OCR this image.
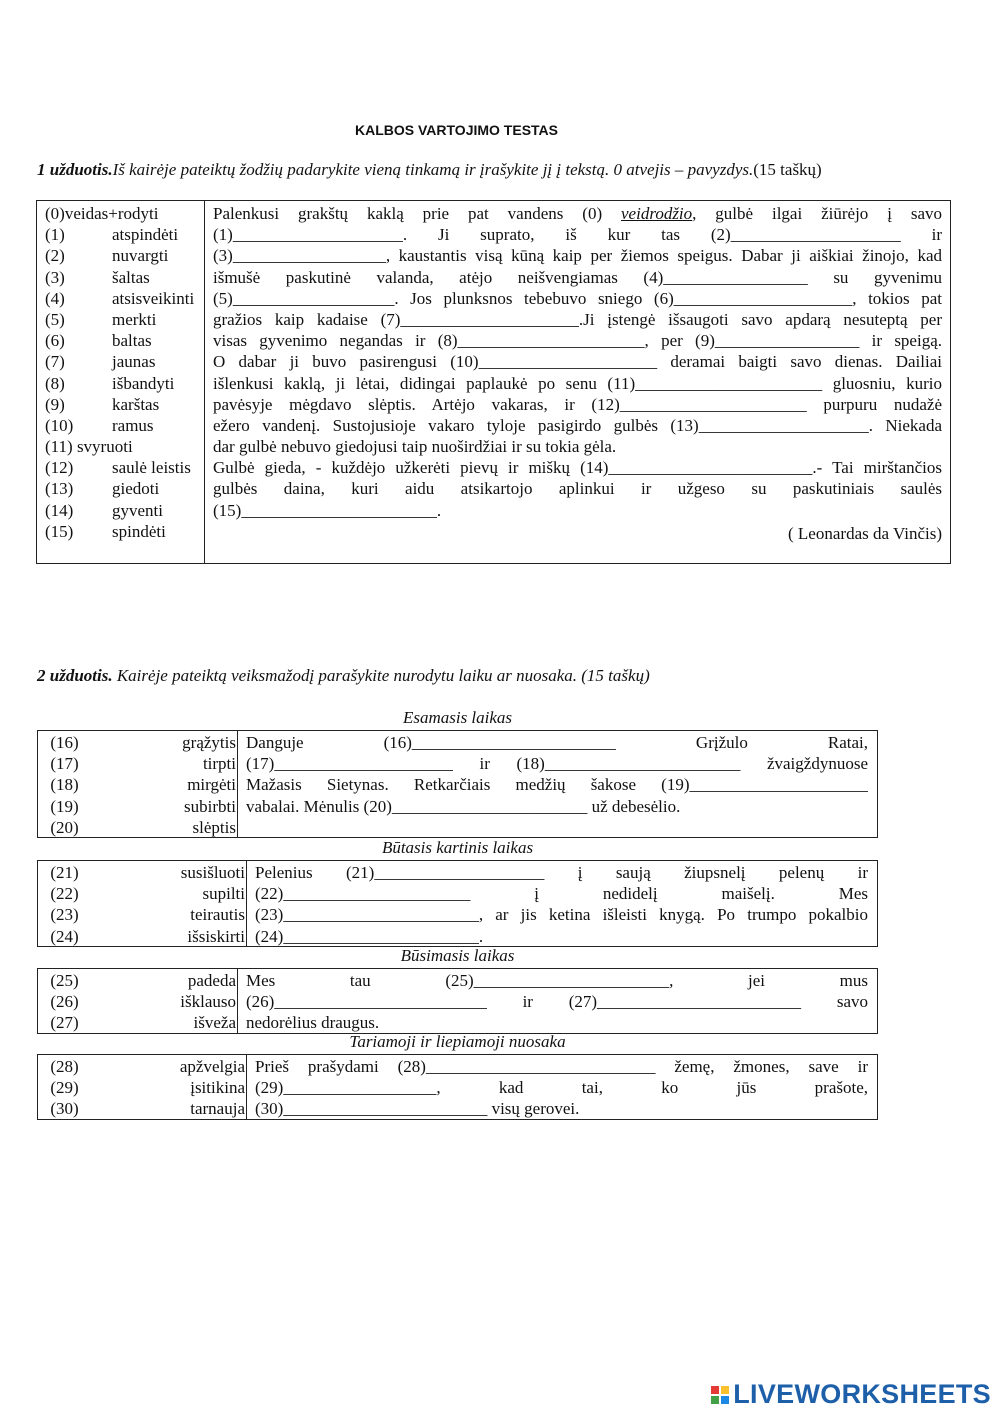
KALBOS VARTOJIMO TESTAS
1 užduotis.Iš kairėje pateiktų žodžių padarykite vieną tinkamą ir įrašykite jį į tekstą. 0 atvejis – pavyzdys.(15 taškų)
(0)veidas+rodyti
(1)	atspindėti
(2)	nuvargti
(3)	šaltas
(4)	atsisveikinti
(5)	merkti
(6)	baltas
(7)	jaunas
(8)	išbandyti
(9)	karštas
(10)	ramus
(11) svyruoti
(12)	saulė leistis
(13)	giedoti
(14)	gyventi
(15)	spindėti
Palenkusi grakštų kaklą prie pat vandens (0) veidrodžio, gulbė ilgai žiūrėjo į savo
(1)____________________. Ji suprato, iš kur tas (2)____________________ ir
(3)__________________, kaustantis visą kūną kaip per žiemos speigus. Dabar ji aiškiai žinojo, kad
išmušė paskutinė valanda, atėjo neišvengiamas (4)_________________ su gyvenimu
(5)___________________. Jos plunksnos tebebuvo sniego (6)_____________________, tokios pat
gražios kaip kadaise (7)_____________________.Ji įstengė išsaugoti savo apdarą nesuteptą per
visas gyvenimo negandas ir (8)______________________, per (9)_________________ ir speigą.
O dabar ji buvo pasirengusi (10)_____________________ deramai baigti savo dienas. Dailiai
išlenkusi kaklą, ji lėtai, didingai paplaukė po senu (11)______________________ gluosniu, kurio
pavėsyje mėgdavo slėptis. Artėjo vakaras, ir (12)______________________ purpuru nudažė
ežero vandenį. Sustojusioje vakaro tyloje pasigirdo gulbės (13)____________________. Niekada
dar gulbė nebuvo giedojusi taip nuoširdžiai ir su tokia gėla.
Gulbė gieda, - kuždėjo užkerėti pievų ir miškų (14)________________________.- Tai mirštančios
gulbės daina, kuri aidu atsikartojo aplinkui ir užgeso su paskutiniais saulės
(15)_______________________.
( Leonardas da Vinčis)
2 užduotis. Kairėje pateiktą veiksmažodį parašykite nurodytu laiku ar nuosaka. (15 taškų)
Esamasis laikas
(16)	grąžytis
(17)	tirpti
(18)	mirgėti
(19)	subirbti
(20)	slėptis
Danguje (16)________________________ Grįžulo Ratai,
(17)_____________________ ir (18)_______________________ žvaigždynuose
Mažasis Sietynas. Retkarčiais medžių šakose (19)_____________________
vabalai. Mėnulis (20)_______________________ už debesėlio.
Būtasis kartinis laikas
(21)	susišluoti
(22)	supilti
(23)	teirautis
(24)	išsiskirti
Pelenius (21)____________________ į saują žiupsnelį pelenų ir
(22)______________________ į nedidelį maišelį. Mes
(23)_______________________, ar jis ketina išleisti knygą. Po trumpo pokalbio
(24)_______________________.
Būsimasis laikas
(25)	padeda
(26)	išklauso
(27)	išveža
Mes tau (25)_______________________, jei mus
(26)_________________________ ir (27)________________________ savo
nedorėlius draugus.
Tariamoji ir liepiamoji nuosaka
(28)	apžvelgia
(29)	įsitikina
(30)	tarnauja
Prieš prašydami (28)___________________________ žemę, žmones, save ir
(29)__________________, kad tai, ko jūs prašote,
(30)________________________ visų gerovei.
LIVEWORKSHEETS
